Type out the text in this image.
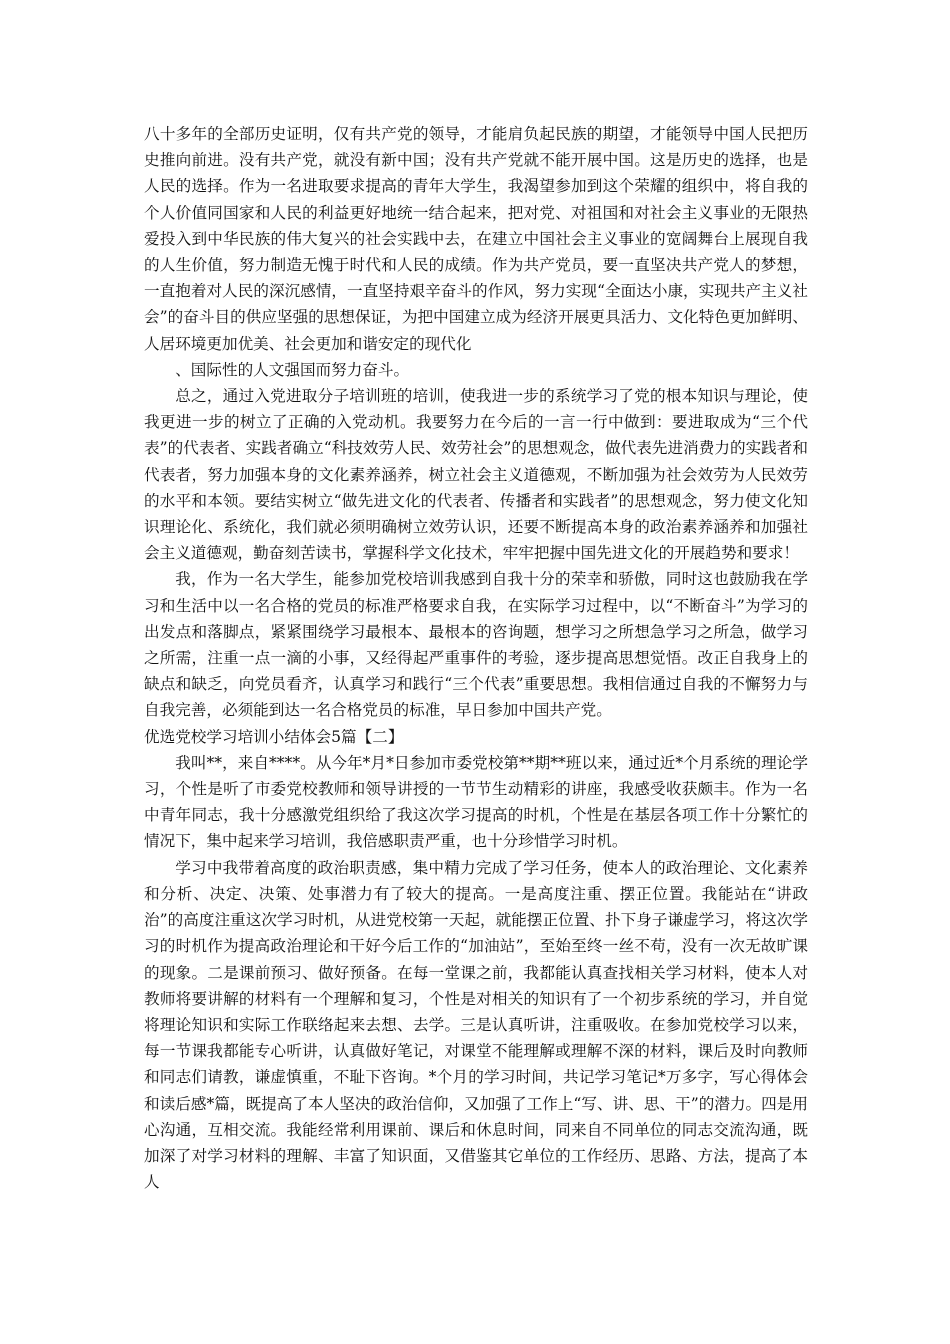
八十多年的全部历史证明，仅有共产党的领导，才能肩负起民族的期望，才能领导中国人民把历史推向前进。没有共产党，就没有新中国；没有共产党就不能开展中国。这是历史的选择，也是人民的选择。作为一名进取要求提高的青年大学生，我渴望参加到这个荣耀的组织中，将自我的个人价值同国家和人民的利益更好地统一结合起来，把对党、对祖国和对社会主义事业的无限热爱投入到中华民族的伟大复兴的社会实践中去，在建立中国社会主义事业的宽阔舞台上展现自我的人生价值，努力制造无愧于时代和人民的成绩。作为共产党员，要一直坚决共产党人的梦想，一直抱着对人民的深沉感情，一直坚持艰辛奋斗的作风，努力实现“全面达小康，实现共产主义社会”的奋斗目的供应坚强的思想保证，为把中国建立成为经济开展更具活力、文化特色更加鲜明、人居环境更加优美、社会更加和谐安定的现代化

、国际性的人文强国而努力奋斗。

总之，通过入党进取分子培训班的培训，使我进一步的系统学习了党的根本知识与理论，使我更进一步的树立了正确的入党动机。我要努力在今后的一言一行中做到：要进取成为“三个代表”的代表者、实践者确立“科技效劳人民、效劳社会”的思想观念，做代表先进消费力的实践者和代表者，努力加强本身的文化素养涵养，树立社会主义道德观，不断加强为社会效劳为人民效劳的水平和本领。要结实树立“做先进文化的代表者、传播者和实践者”的思想观念，努力使文化知识理论化、系统化，我们就必须明确树立效劳认识，还要不断提高本身的政治素养涵养和加强社会主义道德观，勤奋刻苦读书，掌握科学文化技术，牢牢把握中国先进文化的开展趋势和要求！

我，作为一名大学生，能参加党校培训我感到自我十分的荣幸和骄傲，同时这也鼓励我在学习和生活中以一名合格的党员的标准严格要求自我，在实际学习过程中，以“不断奋斗”为学习的出发点和落脚点，紧紧围绕学习最根本、最根本的咨询题，想学习之所想急学习之所急，做学习之所需，注重一点一滴的小事，又经得起严重事件的考验，逐步提高思想觉悟。改正自我身上的缺点和缺乏，向党员看齐，认真学习和践行“三个代表”重要思想。我相信通过自我的不懈努力与自我完善，必须能到达一名合格党员的标准，早日参加中国共产党。

优选党校学习培训小结体会5篇【二】

我叫**，来自****。从今年*月*日参加市委党校第**期**班以来，通过近*个月系统的理论学习，个性是听了市委党校教师和领导讲授的一节节生动精彩的讲座，我感受收获颇丰。作为一名中青年同志，我十分感激党组织给了我这次学习提高的时机，个性是在基层各项工作十分繁忙的情况下，集中起来学习培训，我倍感职责严重，也十分珍惜学习时机。

学习中我带着高度的政治职责感，集中精力完成了学习任务，使本人的政治理论、文化素养和分析、决定、决策、处事潜力有了较大的提高。一是高度注重、摆正位置。我能站在“讲政治”的高度注重这次学习时机，从进党校第一天起，就能摆正位置、扑下身子谦虚学习，将这次学习的时机作为提高政治理论和干好今后工作的“加油站”，至始至终一丝不苟，没有一次无故旷课的现象。二是课前预习、做好预备。在每一堂课之前，我都能认真查找相关学习材料，使本人对教师将要讲解的材料有一个理解和复习，个性是对相关的知识有了一个初步系统的学习，并自觉将理论知识和实际工作联络起来去想、去学。三是认真听讲，注重吸收。在参加党校学习以来，每一节课我都能专心听讲，认真做好笔记，对课堂不能理解或理解不深的材料，课后及时向教师和同志们请教，谦虚慎重，不耻下咨询。*个月的学习时间，共记学习笔记*万多字，写心得体会和读后感*篇，既提高了本人坚决的政治信仰，又加强了工作上“写、讲、思、干”的潜力。四是用心沟通，互相交流。我能经常利用课前、课后和休息时间，同来自不同单位的同志交流沟通，既加深了对学习材料的理解、丰富了知识面，又借鉴其它单位的工作经历、思路、方法，提高了本人
